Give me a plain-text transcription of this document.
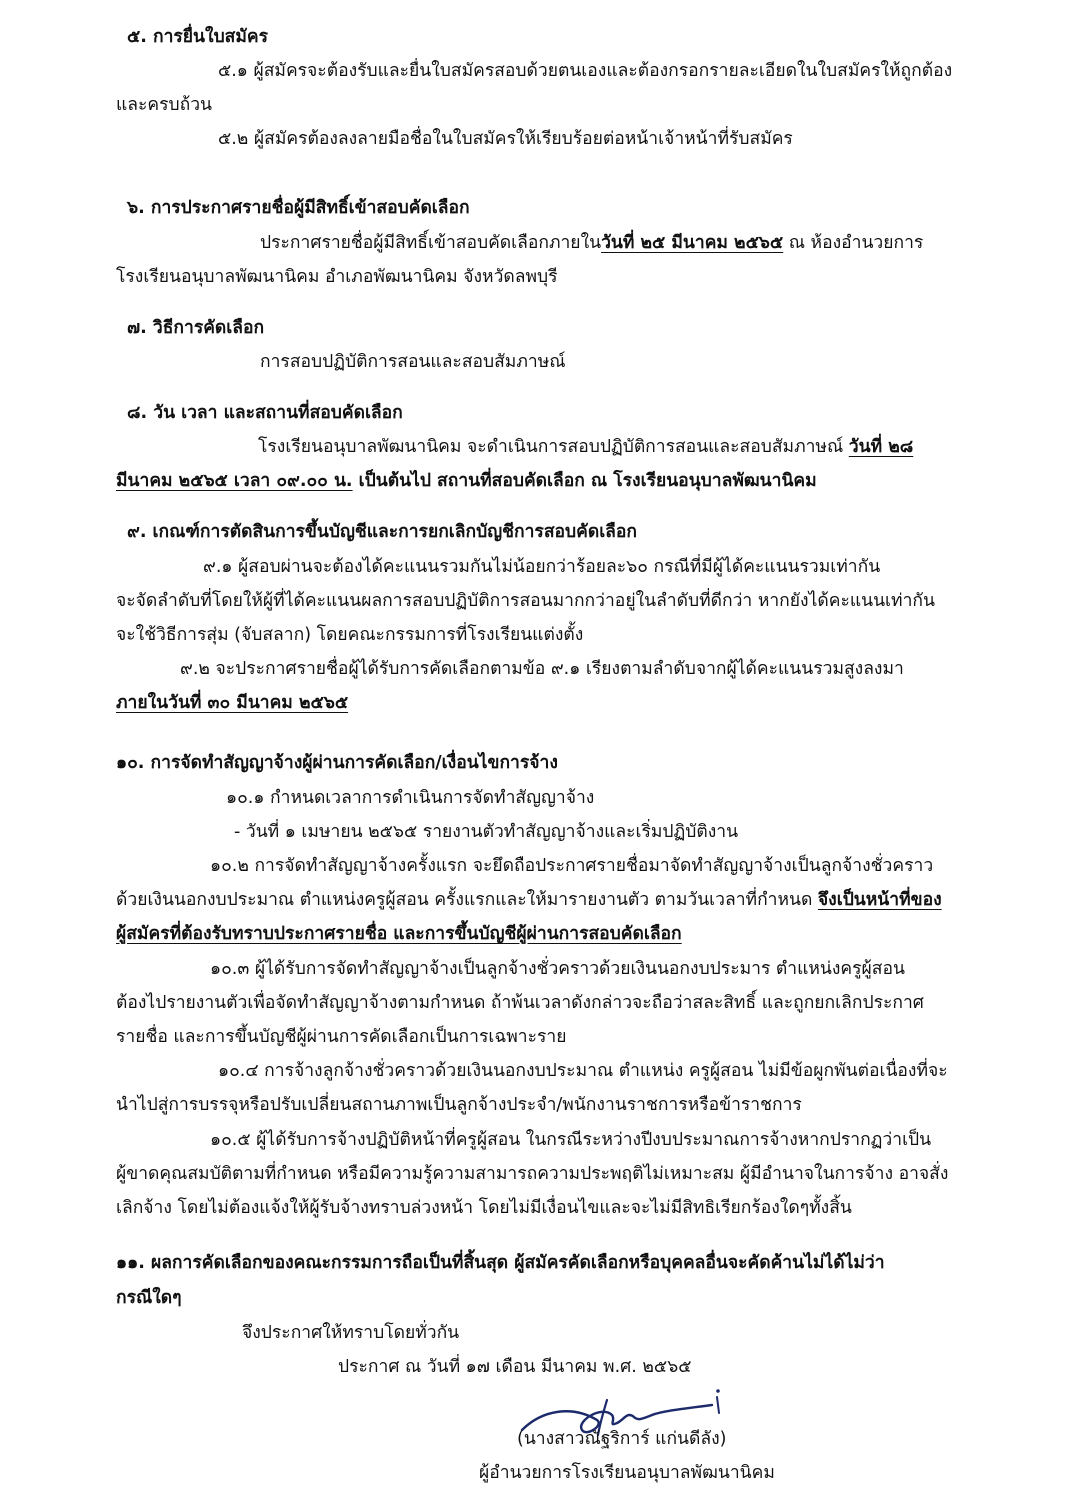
๕. การยื่นใบสมัคร
๕.๑ ผู้สมัครจะต้องรับและยื่นใบสมัครสอบด้วยตนเองและต้องกรอกรายละเอียดในใบสมัครให้ถูกต้อง
และครบถ้วน
๕.๒ ผู้สมัครต้องลงลายมือชื่อในใบสมัครให้เรียบร้อยต่อหน้าเจ้าหน้าที่รับสมัคร
๖. การประกาศรายชื่อผู้มีสิทธิ์เข้าสอบคัดเลือก
ประกาศรายชื่อผู้มีสิทธิ์เข้าสอบคัดเลือกภายในวันที่ ๒๕ มีนาคม ๒๕๖๕ ณ ห้องอำนวยการ
โรงเรียนอนุบาลพัฒนานิคม อำเภอพัฒนานิคม จังหวัดลพบุรี
๗. วิธีการคัดเลือก
การสอบปฏิบัติการสอนและสอบสัมภาษณ์
๘. วัน เวลา และสถานที่สอบคัดเลือก
โรงเรียนอนุบาลพัฒนานิคม จะดำเนินการสอบปฏิบัติการสอนและสอบสัมภาษณ์ วันที่ ๒๘
มีนาคม ๒๕๖๕ เวลา ๐๙.๐๐ น. เป็นต้นไป สถานที่สอบคัดเลือก ณ โรงเรียนอนุบาลพัฒนานิคม
๙. เกณฑ์การตัดสินการขึ้นบัญชีและการยกเลิกบัญชีการสอบคัดเลือก
๙.๑ ผู้สอบผ่านจะต้องได้คะแนนรวมกันไม่น้อยกว่าร้อยละ๖๐ กรณีที่มีผู้ได้คะแนนรวมเท่ากัน
จะจัดลำดับที่โดยให้ผู้ที่ได้คะแนนผลการสอบปฏิบัติการสอนมากกว่าอยู่ในลำดับที่ดีกว่า หากยังได้คะแนนเท่ากัน
จะใช้วิธีการสุ่ม (จับสลาก) โดยคณะกรรมการที่โรงเรียนแต่งตั้ง
๙.๒ จะประกาศรายชื่อผู้ได้รับการคัดเลือกตามข้อ ๙.๑ เรียงตามลำดับจากผู้ได้คะแนนรวมสูงลงมา
ภายในวันที่ ๓๐ มีนาคม ๒๕๖๕
๑๐. การจัดทำสัญญาจ้างผู้ผ่านการคัดเลือก/เงื่อนไขการจ้าง
๑๐.๑ กำหนดเวลาการดำเนินการจัดทำสัญญาจ้าง
- วันที่ ๑ เมษายน ๒๕๖๕ รายงานตัวทำสัญญาจ้างและเริ่มปฏิบัติงาน
๑๐.๒ การจัดทำสัญญาจ้างครั้งแรก จะยึดถือประกาศรายชื่อมาจัดทำสัญญาจ้างเป็นลูกจ้างชั่วคราว
ด้วยเงินนอกงบประมาณ ตำแหน่งครูผู้สอน ครั้งแรกและให้มารายงานตัว ตามวันเวลาที่กำหนด จึงเป็นหน้าที่ของ
ผู้สมัครที่ต้องรับทราบประกาศรายชื่อ และการขึ้นบัญชีผู้ผ่านการสอบคัดเลือก
๑๐.๓ ผู้ได้รับการจัดทำสัญญาจ้างเป็นลูกจ้างชั่วคราวด้วยเงินนอกงบประมาร ตำแหน่งครูผู้สอน
ต้องไปรายงานตัวเพื่อจัดทำสัญญาจ้างตามกำหนด ถ้าพ้นเวลาดังกล่าวจะถือว่าสละสิทธิ์ และถูกยกเลิกประกาศ
รายชื่อ และการขึ้นบัญชีผู้ผ่านการคัดเลือกเป็นการเฉพาะราย
๑๐.๔ การจ้างลูกจ้างชั่วคราวด้วยเงินนอกงบประมาณ ตำแหน่ง ครูผู้สอน ไม่มีข้อผูกพันต่อเนื่องที่จะ
นำไปสู่การบรรจุหรือปรับเปลี่ยนสถานภาพเป็นลูกจ้างประจำ/พนักงานราชการหรือข้าราชการ
๑๐.๕ ผู้ได้รับการจ้างปฏิบัติหน้าที่ครูผู้สอน ในกรณีระหว่างปีงบประมาณการจ้างหากปรากฏว่าเป็น
ผู้ขาดคุณสมบัติตามที่กำหนด หรือมีความรู้ความสามารถความประพฤติไม่เหมาะสม ผู้มีอำนาจในการจ้าง อาจสั่ง
เลิกจ้าง โดยไม่ต้องแจ้งให้ผู้รับจ้างทราบล่วงหน้า โดยไม่มีเงื่อนไขและจะไม่มีสิทธิเรียกร้องใดๆทั้งสิ้น
๑๑. ผลการคัดเลือกของคณะกรรมการถือเป็นที่สิ้นสุด ผู้สมัครคัดเลือกหรือบุคคลอื่นจะคัดค้านไม่ได้ไม่ว่า
กรณีใดๆ
จึงประกาศให้ทราบโดยทั่วกัน
ประกาศ ณ วันที่ ๑๗ เดือน มีนาคม พ.ศ. ๒๕๖๕
(นางสาวณัฐริการ์ แก่นดีลัง)
ผู้อำนวยการโรงเรียนอนุบาลพัฒนานิคม
